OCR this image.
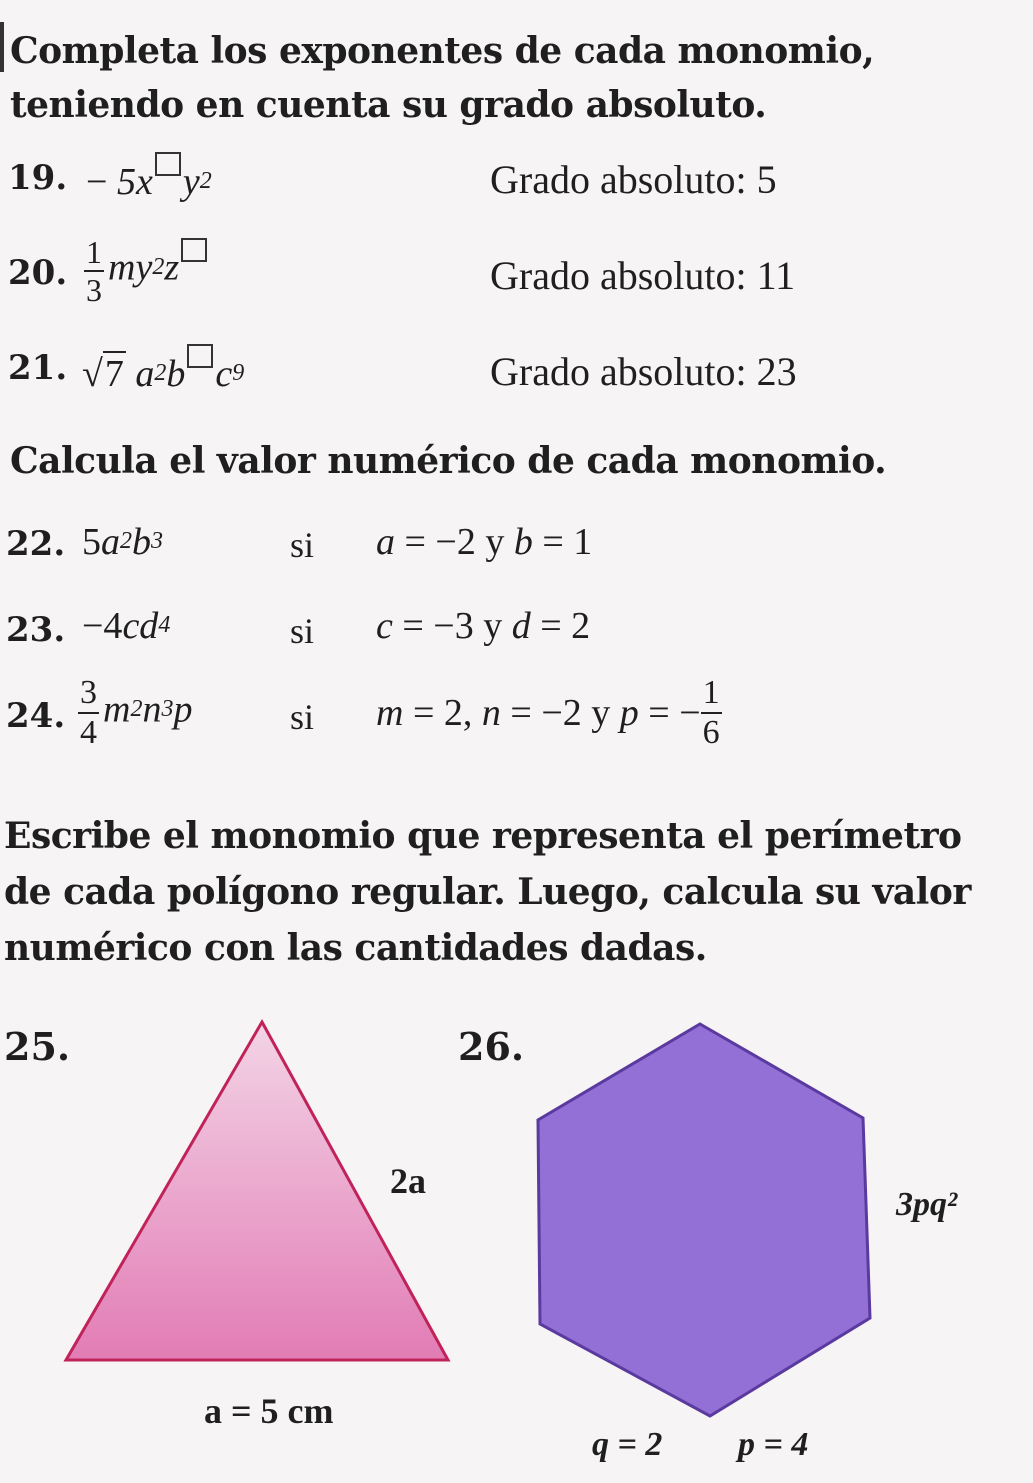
Completa los exponentes de cada monomio, teniendo en cuenta su grado absoluto.
19. − 5x $y^2$	Grado absoluto: 5
20. $\frac{1}{3} my^2z$	Grado absoluto: 11
21. √7 $a^2b$ $c^9$	Grado absoluto: 23
Calcula el valor numérico de cada monomio.
22. $5a^2b^3$	si a = −2 y b = 1
23. $-4cd^4$	si c = −3 y d = 2
24. $\frac{3}{4} m^2n^3p$	si m = 2, n = −2 y p = − $\frac{1}{6}$
Escribe el monomio que representa el perímetro de cada polígono regular. Luego, calcula su valor numérico con las cantidades dadas.
25.
2a
a = 5 cm
26.
3pq²
q = 2 p = 4
